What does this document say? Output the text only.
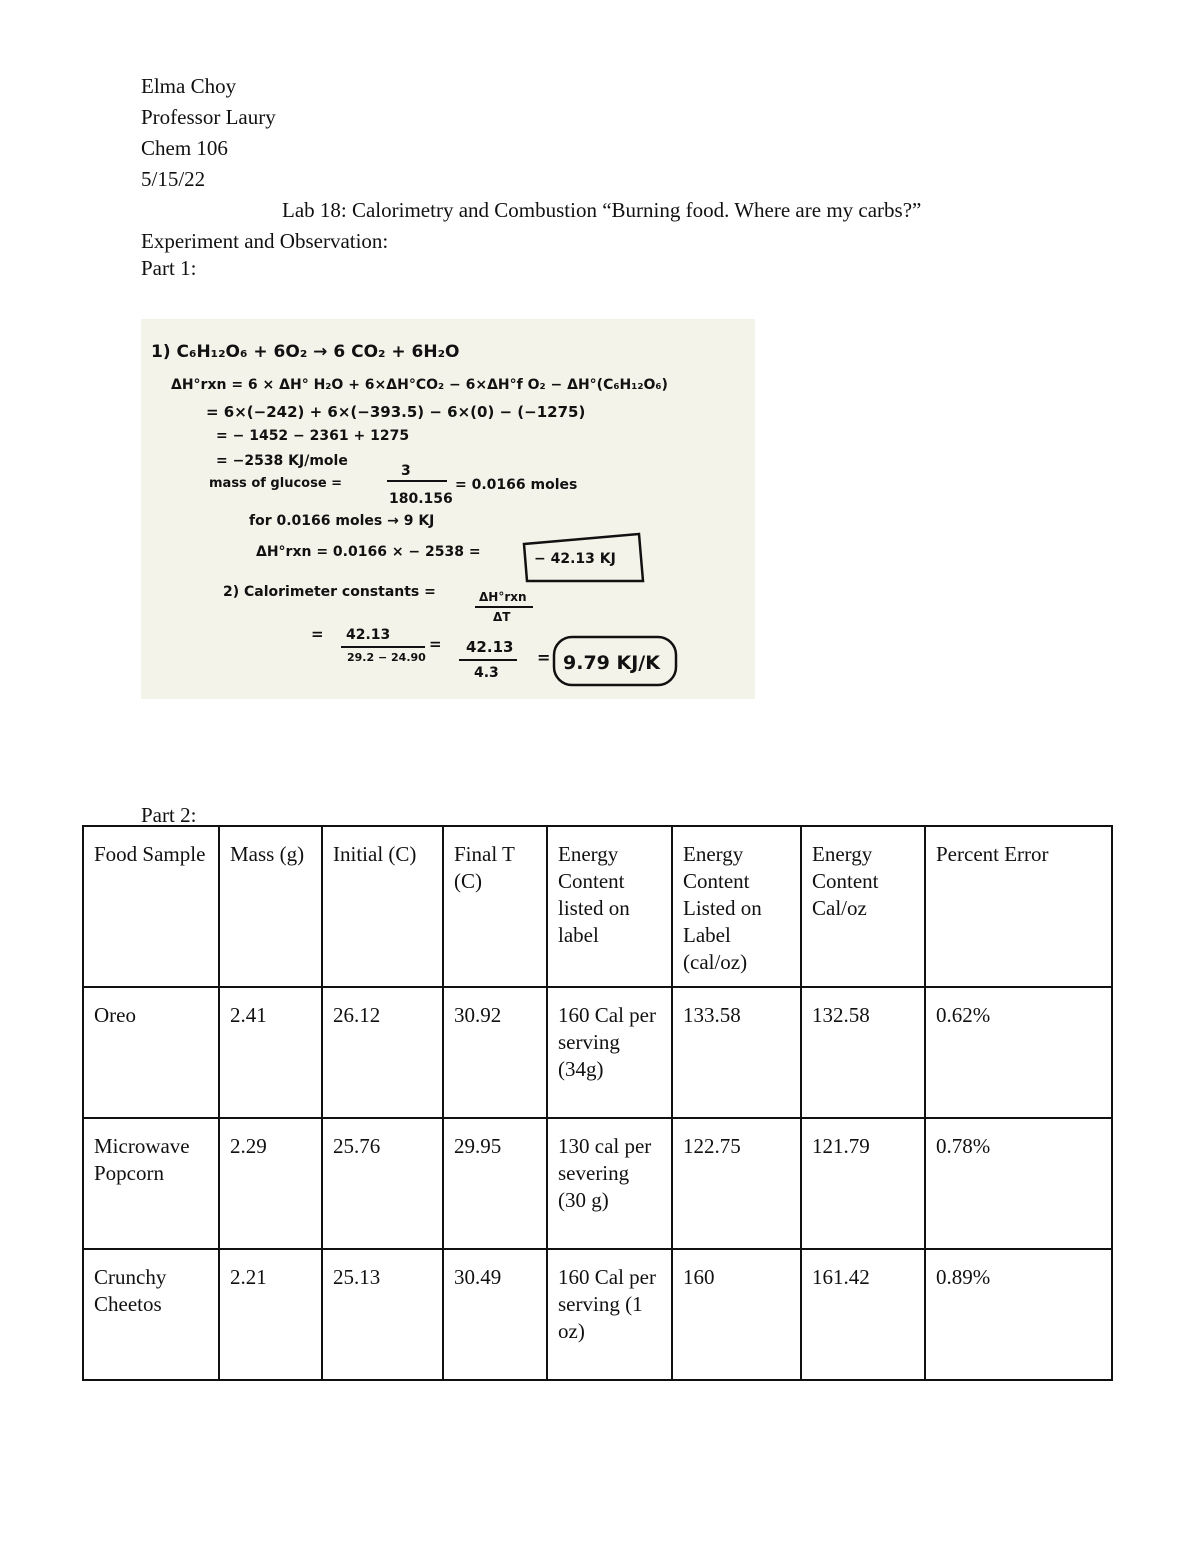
Elma Choy
Professor Laury
Chem 106
5/15/22
Lab 18: Calorimetry and Combustion “Burning food. Where are my carbs?”
Experiment and Observation:
Part 1:
1) C₆H₁₂O₆ + 6O₂ → 6 CO₂ + 6H₂O
ΔH°rxn = 6 × ΔH° H₂O + 6×ΔH°CO₂ − 6×ΔH°f O₂ − ΔH°(C₆H₁₂O₆)
= 6×(−242) + 6×(−393.5) − 6×(0) − (−1275)
= − 1452 − 2361 + 1275
= −2538 KJ/mole
mass of glucose =
3
180.156
= 0.0166 moles
for 0.0166 moles → 9 KJ
ΔH°rxn = 0.0166 × − 2538 =	− 42.13 KJ
2) Calorimeter constants =	ΔH°rxn
ΔT
= 42.13
29.2 − 24.90
= 42.13
4.3
= 9.79 KJ/K
Part 2:
Food Sample	Mass (g)	Initial (C)	Final T (C)	Energy Content listed on label	Energy Content Listed on Label (cal/oz)	Energy Content Cal/oz	Percent Error
Oreo	2.41	26.12	30.92	160 Cal per serving (34g)	133.58	132.58	0.62%
Microwave Popcorn	2.29	25.76	29.95	130 cal per severing (30 g)	122.75	121.79	0.78%
Crunchy Cheetos	2.21	25.13	30.49	160 Cal per serving (1 oz)	160	161.42	0.89%
